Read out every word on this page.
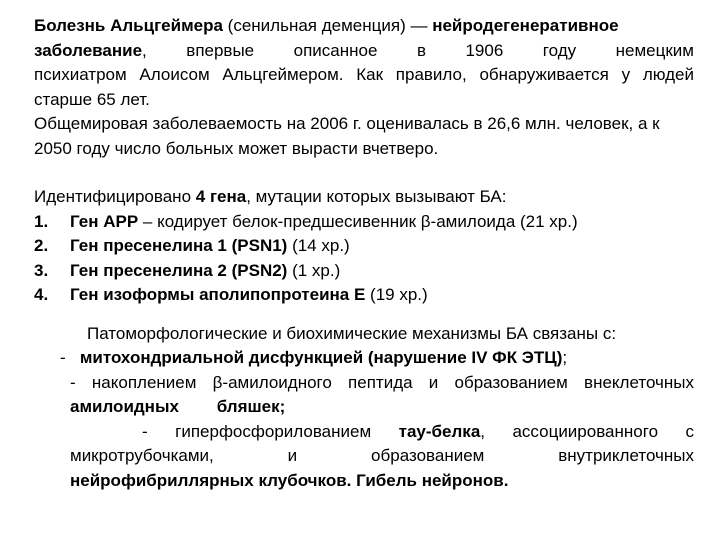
Болезнь Альцгеймера (сенильная деменция) — нейродегенеративное

заболевание, впервые описанное в 1906 году немецким

психиатром Алоисом Альцгеймером. Как правило, обнаруживается у людей

старше 65 лет.

Общемировая заболеваемость на 2006 г. оценивалась в 26,6 млн. человек, а к

2050 году число больных может вырасти вчетверо.

Идентифицировано 4 гена, мутации которых вызывают БА:

1. Ген APP – кодирует белок-предшесивенник β-амилоида (21 хр.)
2. Ген пресенелина 1 (PSN1) (14 хр.)
3. Ген пресенелина 2 (PSN2) (1 хр.)
4. Ген изоформы аполипопротеина E (19 хр.)

Патоморфологические и биохимические механизмы БА связаны с:

- митохондриальной дисфункцией (нарушение IV ФК ЭТЦ);

- накоплением β-амилоидного пептида и образованием внеклеточных

амилоидных        бляшек;

- гиперфосфорилованием тау-белка, ассоциированного с

микротрубочками, и образованием внутриклеточных

нейрофибриллярных клубочков. Гибель нейронов.
